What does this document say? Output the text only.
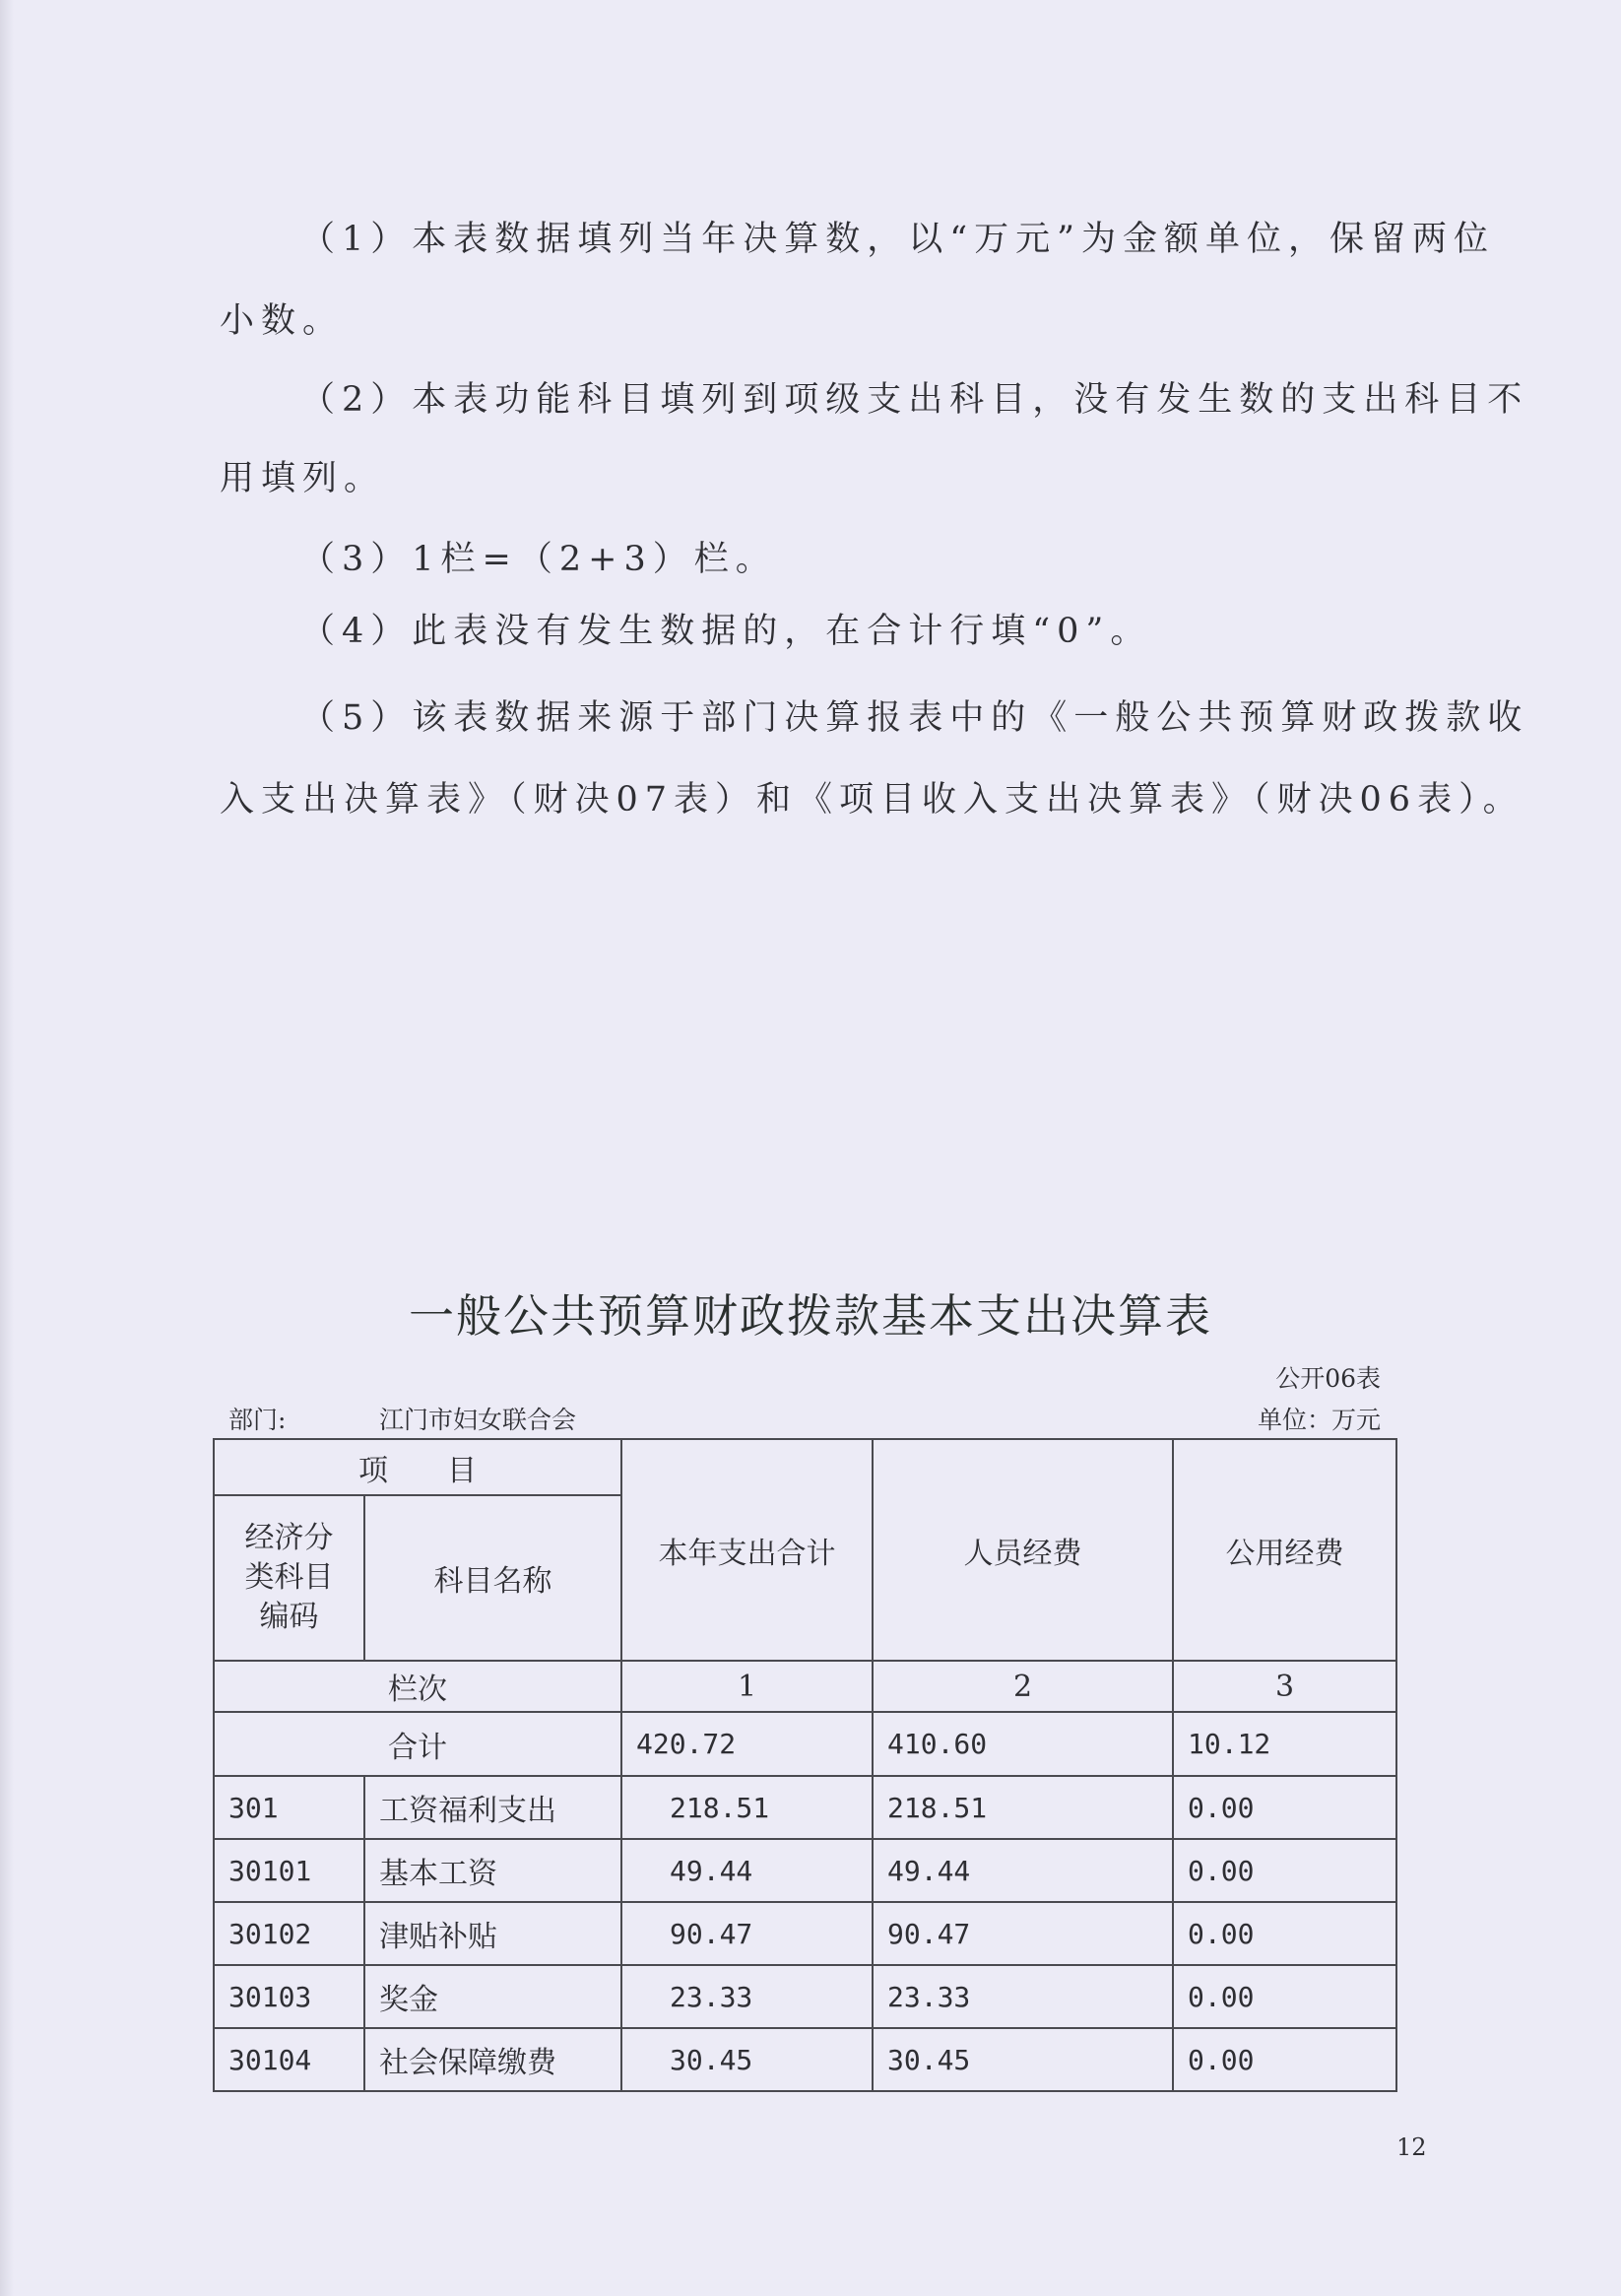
（1）本表数据填列当年决算数，以“万元”为金额单位，保留两位
小数。
（2）本表功能科目填列到项级支出科目，没有发生数的支出科目不
用填列。
（3）1栏=（2+3）栏。
（4）此表没有发生数据的，在合计行填“0”。
（5）该表数据来源于部门决算报表中的《一般公共预算财政拨款收
入支出决算表》（财决07表）和《项目收入支出决算表》（财决06表）。
一般公共预算财政拨款基本支出决算表
公开06表
部门:	江门市妇女联合会	单位：万元
项　　目		本年支出合计	人员经费	公用经费
经济分类科目编码	科目名称			
栏次		1	2	3
合计		420.72	410.60	10.12
301	工资福利支出	218.51	218.51	0.00
30101	基本工资	49.44	49.44	0.00
30102	津贴补贴	90.47	90.47	0.00
30103	奖金	23.33	23.33	0.00
30104	社会保障缴费	30.45	30.45	0.00
12
